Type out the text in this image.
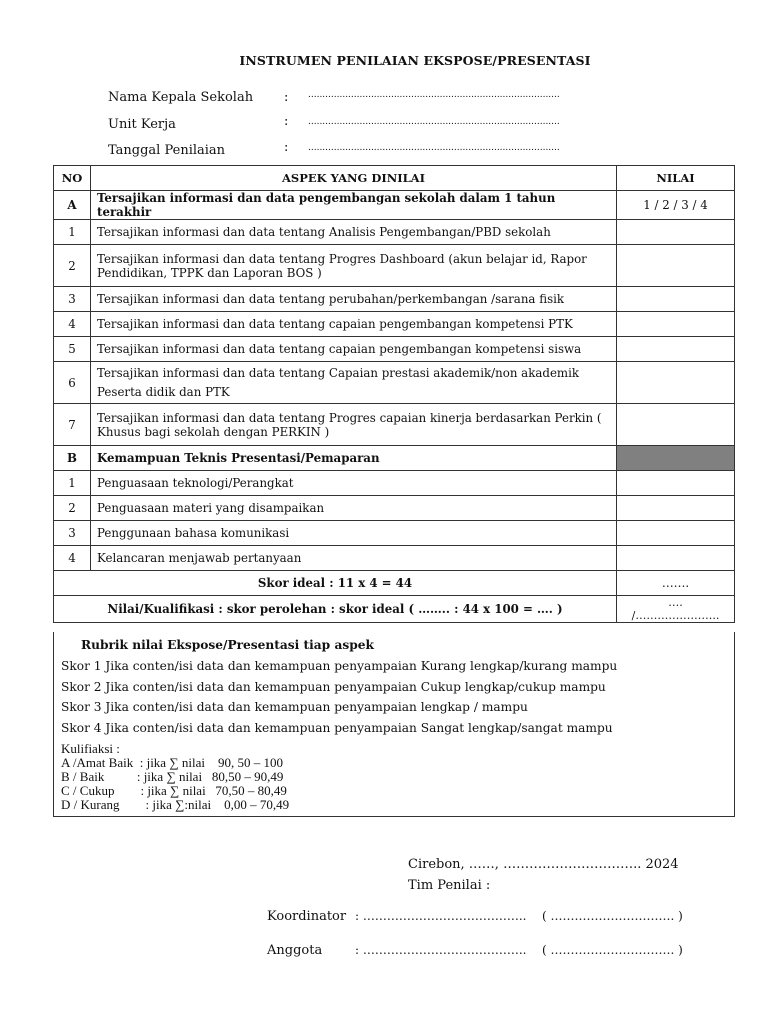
INSTRUMEN PENILAIAN EKSPOSE/PRESENTASI
Nama Kepala Sekolah : ........................................................................................
Unit Kerja	: ........................................................................................
Tanggal Penilaian	: ........................................................................................
NO	ASPEK YANG DINILAI	NILAI
A	Tersajikan informasi dan data pengembangan sekolah dalam 1 tahun terakhir	1 / 2 / 3 / 4
1	Tersajikan informasi dan data tentang Analisis Pengembangan/PBD sekolah	
2	Tersajikan informasi dan data tentang Progres Dashboard (akun belajar id, Rapor Pendidikan, TPPK dan Laporan BOS )	
3	Tersajikan informasi dan data tentang perubahan/perkembangan /sarana fisik	
4	Tersajikan informasi dan data tentang capaian pengembangan kompetensi PTK	
5	Tersajikan informasi dan data tentang capaian pengembangan kompetensi siswa	
6	Tersajikan informasi dan data tentang Capaian prestasi akademik/non akademik Peserta didik dan PTK	
7	Tersajikan informasi dan data tentang Progres capaian kinerja berdasarkan Perkin ( Khusus bagi sekolah dengan PERKIN )	
B	Kemampuan Teknis Presentasi/Pemaparan	
1	Penguasaan teknologi/Perangkat	
2	Penguasaan materi yang disampaikan	
3	Penggunaan bahasa komunikasi	
4	Kelancaran menjawab pertanyaan	
Skor ideal : 11 x 4 = 44		…….
Nilai/Kualifikasi : skor perolehan : skor ideal ( …….. : 44 x 100 = …. )		…. /…………………..
Rubrik nilai Ekspose/Presentasi tiap aspek
Skor 1 Jika conten/isi data dan kemampuan penyampaian Kurang lengkap/kurang mampu
Skor 2 Jika conten/isi data dan kemampuan penyampaian Cukup lengkap/cukup mampu
Skor 3 Jika conten/isi data dan kemampuan penyampaian lengkap / mampu
Skor 4 Jika conten/isi data dan kemampuan penyampaian Sangat lengkap/sangat mampu
Kulifiaksi :
A /Amat Baik  : jika ∑ nilai    90, 50 – 100
B / Baik          : jika ∑ nilai   80,50 – 90,49
C / Cukup        : jika ∑ nilai   70,50 – 80,49
D / Kurang        : jika ∑:nilai    0,00 – 70,49
Cirebon, ……, ………………………….. 2024
Tim Penilai :
Koordinator : ………………………………….. ( …………………………. )
Anggota	: ………………………………….. ( …………………………. )
